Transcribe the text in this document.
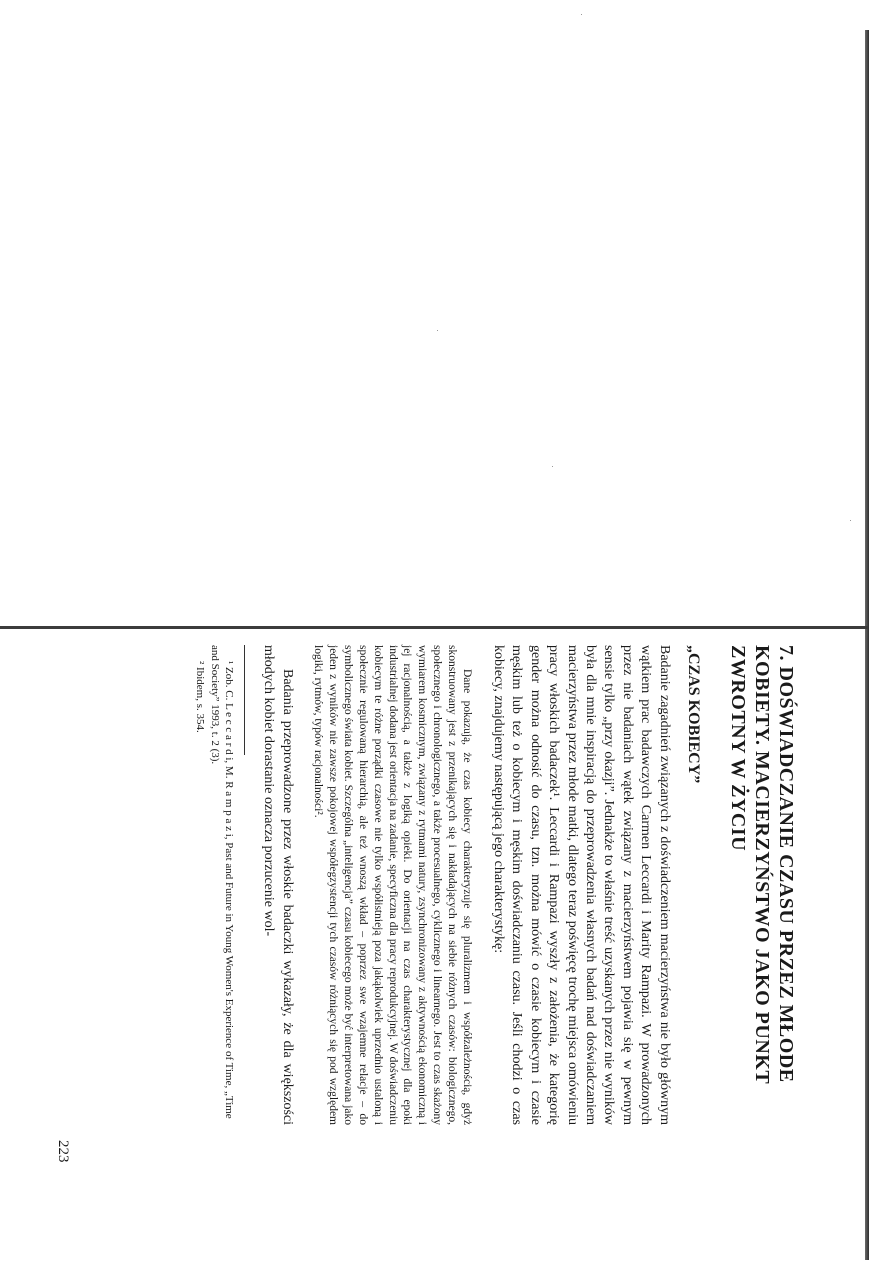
223
7. DOŚWIADCZANIE CZASU PRZEZ MŁODE KOBIETY. MACIERZYŃSTWO JAKO PUNKT ZWROTNY W ŻYCIU
„CZAS KOBIECY”

Badanie zagadnień związanych z doświadczeniem macierzyństwa nie było głównym wątkiem prac badawczych Carmen Leccardi i Marity Rampazi. W prowadzonych przez nie badaniach wątek związany z macierzyństwem pojawia się w pewnym sensie tylko „przy okazji”. Jednakże to właśnie treść uzyskanych przez nie wyników była dla mnie inspiracją do przeprowadzenia własnych badań nad doświadczaniem macierzyństwa przez młode matki, dlatego teraz poświęcę trochę miejsca omówieniu pracy włoskich badaczek¹. Leccardi i Rampazi wyszły z założenia, że kategorię gender można odnosić do czasu, tzn. można mówić o czasie kobiecym i czasie męskim lub też o kobiecym i męskim doświadczaniu czasu. Jeśli chodzi o czas kobiecy, znajdujemy następującą jego charakterystykę:

Dane pokazują, że czas kobiecy charakteryzuje się pluralizmem i współzależnością, gdyż skonstruowany jest z przenikających się i nakładających na siebie różnych czasów: biologicznego, społecznego i chronologicznego, a także procesualnego, cyklicznego i linearnego. Jest to czas skażony wymiarem kosmicznym, związany z rytmami natury, zsynchronizowany z aktywnością ekonomiczną i jej racjonalnością, a także z logiką opieki. Do orientacji na czas charakterystycznej dla epoki industrialnej dodana jest orientacja na zadanie, specyficzna dla pracy reprodukcyjnej. W doświadczeniu kobiecym te różne porządki czasowe nie tylko współistnieją poza jakąkolwiek uprzednio ustaloną i społecznie regulowaną hierarchią, ale też wnoszą wkład – poprzez swe wzajemne relacje – do symbolicznego świata kobiet. Szczególna „inteligencja” czasu kobiecego może być interpretowana jako jeden z wyników nie zawsze pokojowej współegzystencji tych czasów różniących się pod względem logiki, rytmów, typów racjonalności².

Badania przeprowadzone przez włoskie badaczki wykazały, że dla większości młodych kobiet dorastanie oznacza porzucenie wol-

¹ Zob. C. L e c c a r d i, M. R a m p a z i, Past and Future in Young Women's Experience of Time, „Time and Society” 1993, t. 2 (3).

² Ibidem, s. 354.
